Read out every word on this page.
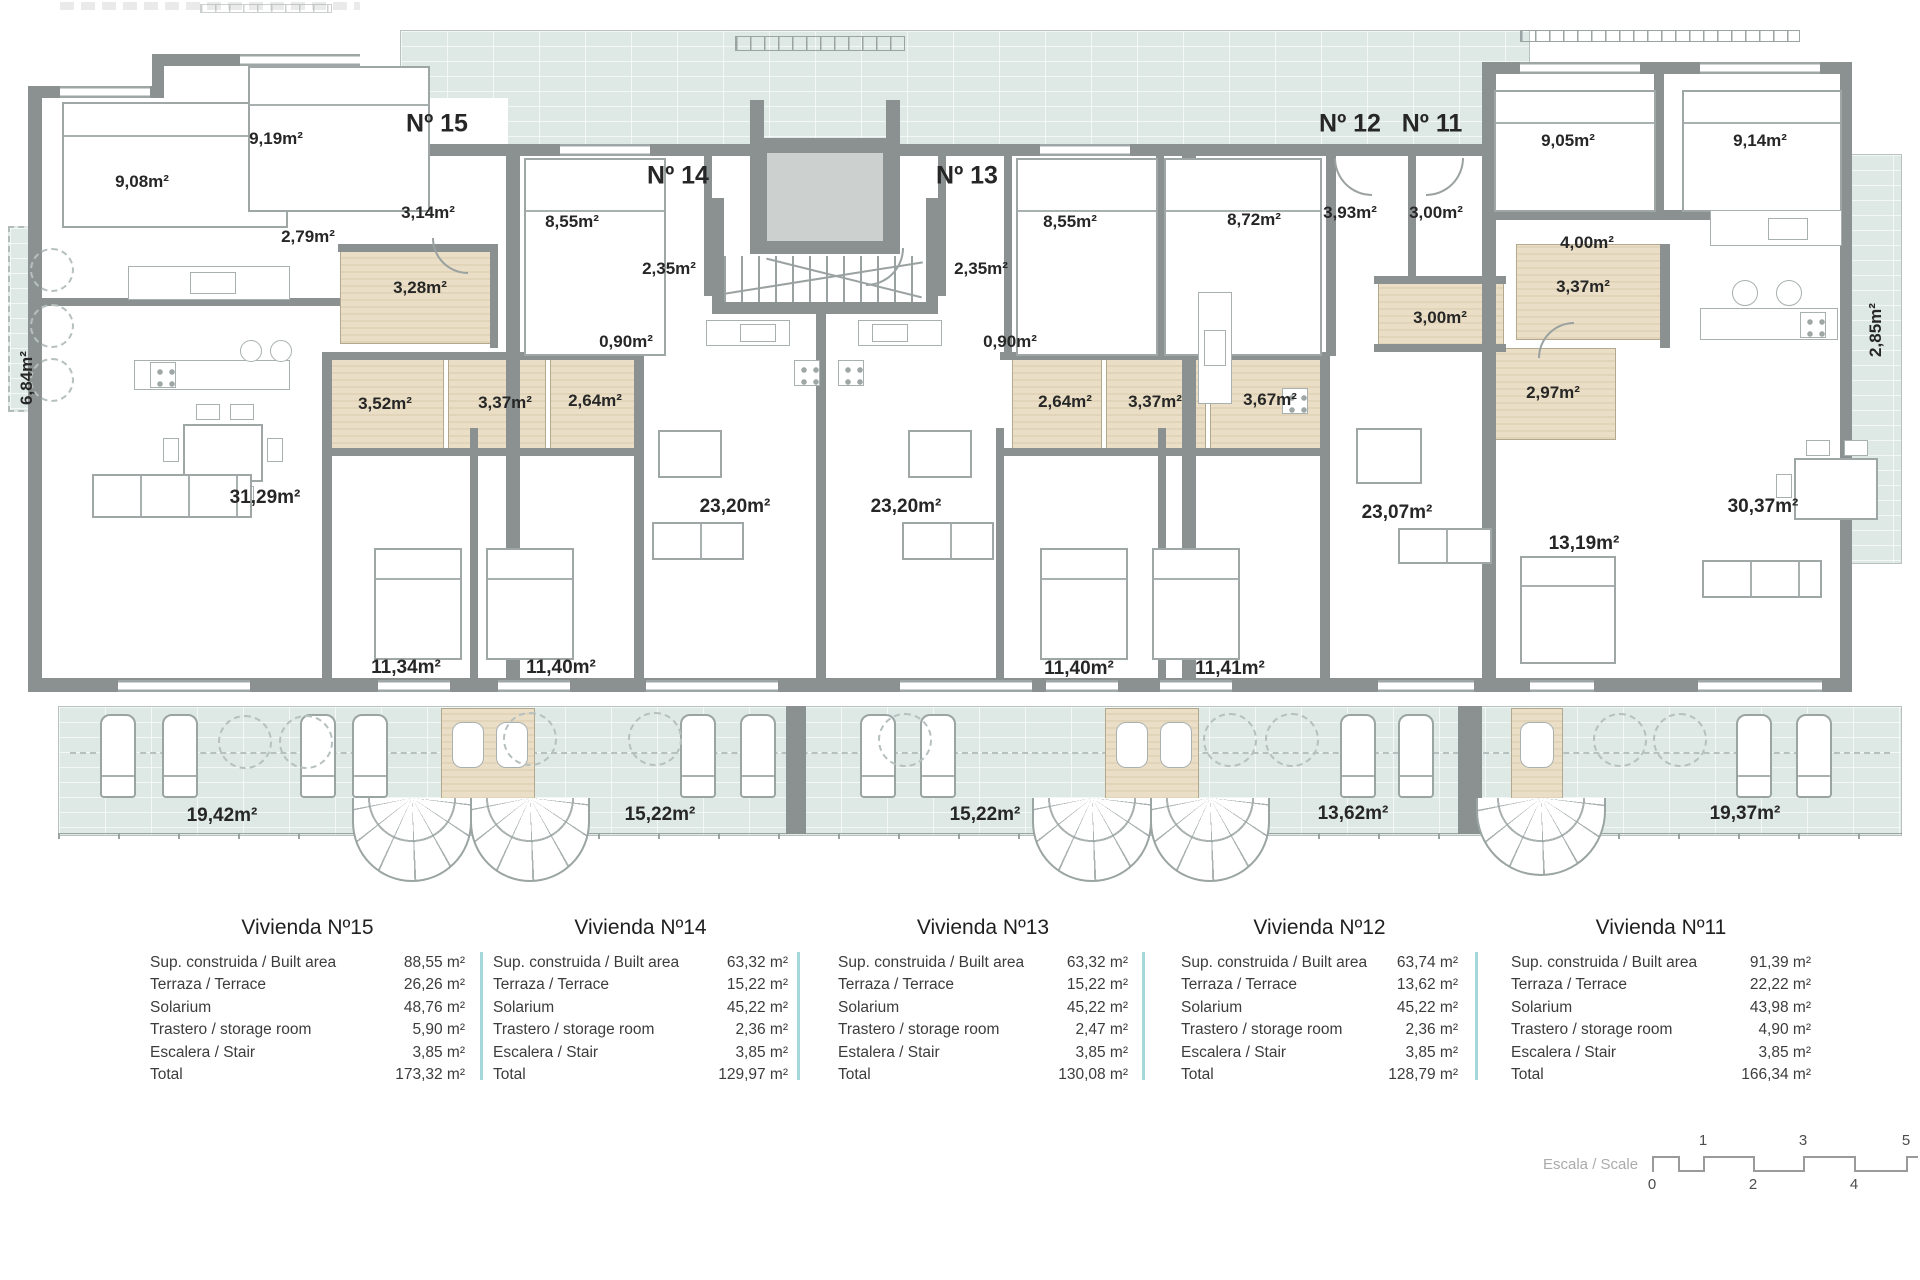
9,08m²
9,19m²
2,79m²
3,14m²
3,28m²
3,52m²	3,37m² 2,64m²
31,29m²
11,34m²	11,40m²
6,84m²
19,42m²
8,55m²
2,35m²
0,90m²
23,20m²
15,22m²
2,35m²
0,90m²
8,55m²	8,72m²
2,64m² 3,37m²	3,67m²
23,20m²
11,40m²	11,41m²
15,22m²
3,93m² 3,00m²
3,00m²
23,07m²
13,62m²
9,05m²	9,14m²
4,00m²
3,37m²
2,97m²
13,19m²
30,37m²
2,85m²
19,37m²
Nº 15
Nº 14	Nº 13
Nº 12 Nº 11
Vivienda Nº15
Sup. construida / Built area	88,55 m²
Terraza / Terrace	26,26 m²
Solarium	48,76 m²
Trastero / storage room	5,90 m²
Escalera / Stair	3,85 m²
Total	173,32 m²
Vivienda Nº14
Sup. construida / Built area	63,32 m²
Terraza / Terrace	15,22 m²
Solarium	45,22 m²
Trastero / storage room	2,36 m²
Escalera / Stair	3,85 m²
Total	129,97 m²
Vivienda Nº13
Sup. construida / Built area	63,32 m²
Terraza / Terrace	15,22 m²
Solarium	45,22 m²
Trastero / storage room	2,47 m²
Estalera / Stair	3,85 m²
Total	130,08 m²
Vivienda Nº12
Sup. construida / Built area 63,74 m²
Terraza / Terrace	13,62 m²
Solarium	45,22 m²
Trastero / storage room	2,36 m²
Escalera / Stair	3,85 m²
Total	128,79 m²
Vivienda Nº11
Sup. construida / Built area	91,39 m²
Terraza / Terrace	22,22 m²
Solarium	43,98 m²
Trastero / storage room	4,90 m²
Escalera / Stair	3,85 m²
Total	166,34 m²
Escala / Scale
1	3	5
0	2	4
